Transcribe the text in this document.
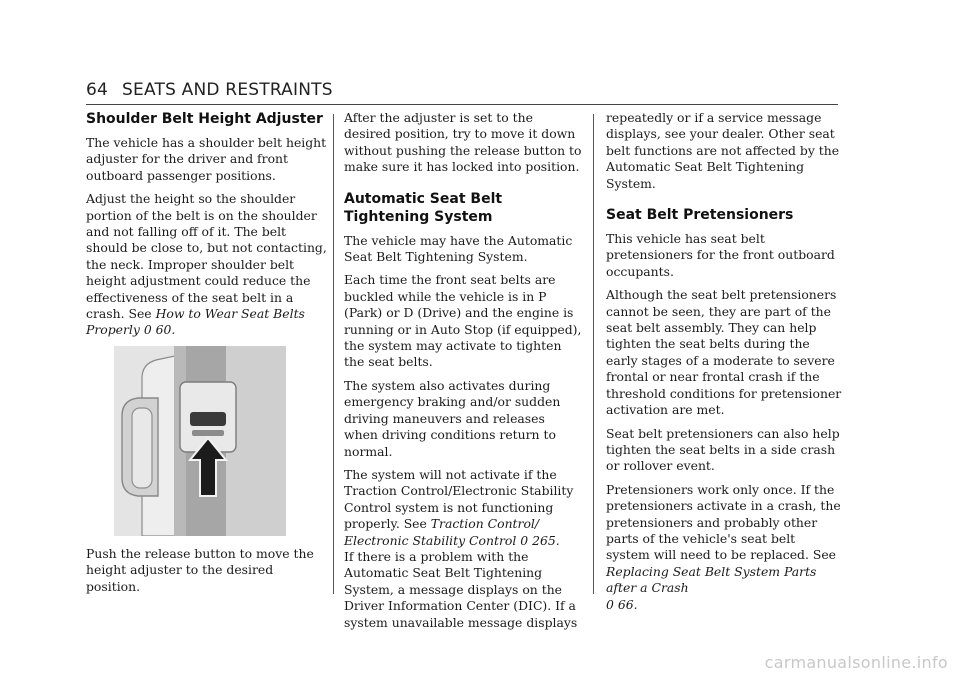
64 SEATS AND RESTRAINTS
Shoulder Belt Height Adjuster

The vehicle has a shoulder belt height adjuster for the driver and front outboard passenger positions.

Adjust the height so the shoulder portion of the belt is on the shoulder and not falling off of it. The belt should be close to, but not contacting, the neck. Improper shoulder belt height adjustment could reduce the effectiveness of the seat belt in a crash. See How to Wear Seat Belts Properly 0 60.

Push the release button to move the height adjuster to the desired position.

After the adjuster is set to the desired position, try to move it down without pushing the release button to make sure it has locked into position.

Automatic Seat Belt Tightening System

The vehicle may have the Automatic Seat Belt Tightening System.

Each time the front seat belts are buckled while the vehicle is in P (Park) or D (Drive) and the engine is running or in Auto Stop (if equipped), the system may activate to tighten the seat belts.

The system also activates during emergency braking and/or sudden driving maneuvers and releases when driving conditions return to normal.

The system will not activate if the Traction Control/Electronic Stability Control system is not functioning properly. See Traction Control/ Electronic Stability Control 0 265.

If there is a problem with the Automatic Seat Belt Tightening System, a message displays on the Driver Information Center (DIC). If a system unavailable message displays

repeatedly or if a service message displays, see your dealer. Other seat belt functions are not affected by the Automatic Seat Belt Tightening System.

Seat Belt Pretensioners

This vehicle has seat belt pretensioners for the front outboard occupants.

Although the seat belt pretensioners cannot be seen, they are part of the seat belt assembly. They can help tighten the seat belts during the early stages of a moderate to severe frontal or near frontal crash if the threshold conditions for pretensioner activation are met.

Seat belt pretensioners can also help tighten the seat belts in a side crash or rollover event.

Pretensioners work only once. If the pretensioners activate in a crash, the pretensioners and probably other parts of the vehicle's seat belt system will need to be replaced. See Replacing Seat Belt System Parts after a Crash
0 66.

carmanualsonline.info
